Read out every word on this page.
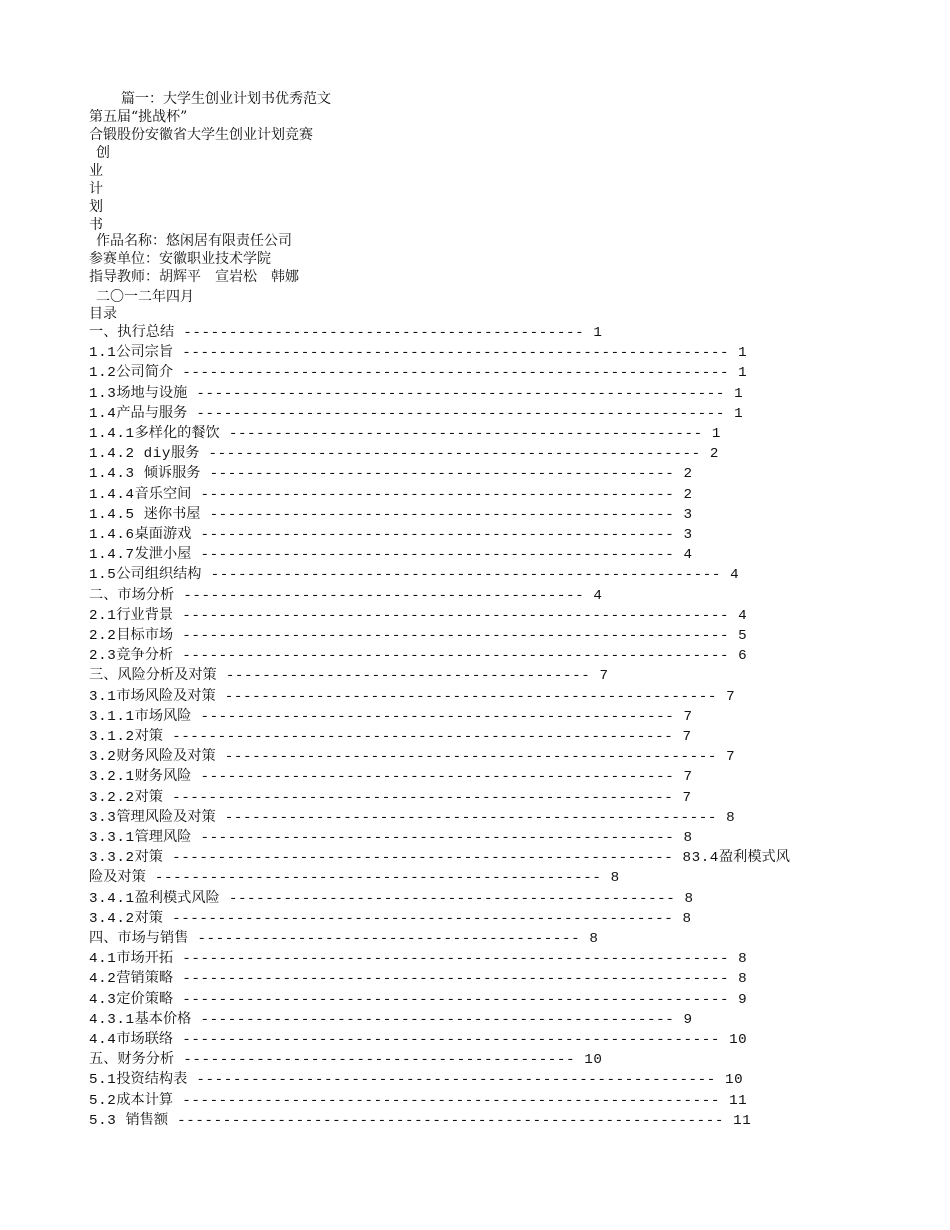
篇一：大学生创业计划书优秀范文
第五届“挑战杯”
合锻股份安徽省大学生创业计划竞赛
创
业
计
划
书
作品名称：悠闲居有限责任公司
参赛单位：安徽职业技术学院
指导教师：胡辉平　宣岩松　韩娜
二〇一二年四月
目录
一、执行总结 -------------------------------------------- 1
1.1公司宗旨 ------------------------------------------------------------ 1
1.2公司简介 ------------------------------------------------------------ 1
1.3场地与设施 ---------------------------------------------------------- 1
1.4产品与服务 ---------------------------------------------------------- 1
1.4.1多样化的餐饮 ---------------------------------------------------- 1
1.4.2 diy服务 ------------------------------------------------------ 2
1.4.3 倾诉服务 --------------------------------------------------- 2
1.4.4音乐空间 ---------------------------------------------------- 2
1.4.5 迷你书屋 --------------------------------------------------- 3
1.4.6桌面游戏 ---------------------------------------------------- 3
1.4.7发泄小屋 ---------------------------------------------------- 4
1.5公司组织结构 -------------------------------------------------------- 4
二、市场分析 -------------------------------------------- 4
2.1行业背景 ------------------------------------------------------------ 4
2.2目标市场 ------------------------------------------------------------ 5
2.3竞争分析 ------------------------------------------------------------ 6
三、风险分析及对策 ---------------------------------------- 7
3.1市场风险及对策 ------------------------------------------------------ 7
3.1.1市场风险 ---------------------------------------------------- 7
3.1.2对策 ------------------------------------------------------- 7
3.2财务风险及对策 ------------------------------------------------------ 7
3.2.1财务风险 ---------------------------------------------------- 7
3.2.2对策 ------------------------------------------------------- 7
3.3管理风险及对策 ------------------------------------------------------ 8
3.3.1管理风险 ---------------------------------------------------- 8
3.3.2对策 ------------------------------------------------------- 83.4盈利模式风
险及对策 ------------------------------------------------- 8
3.4.1盈利模式风险 ------------------------------------------------- 8
3.4.2对策 ------------------------------------------------------- 8
四、市场与销售 ------------------------------------------ 8
4.1市场开拓 ------------------------------------------------------------ 8
4.2营销策略 ------------------------------------------------------------ 8
4.3定价策略 ------------------------------------------------------------ 9
4.3.1基本价格 ---------------------------------------------------- 9
4.4市场联络 ----------------------------------------------------------- 10
五、财务分析 ------------------------------------------- 10
5.1投资结构表 --------------------------------------------------------- 10
5.2成本计算 ----------------------------------------------------------- 11
5.3 销售额 ------------------------------------------------------------ 11
